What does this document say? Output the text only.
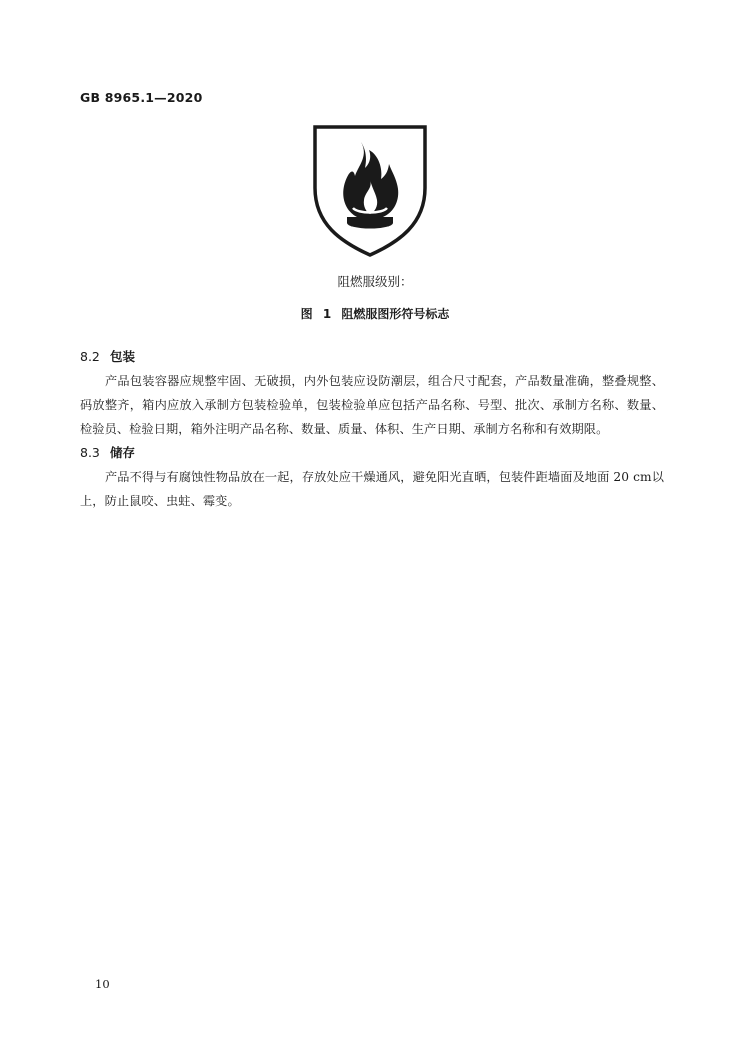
GB 8965.1—2020
阻燃服级别：
图 1 阻燃服图形符号标志
8.2 包装
产品包装容器应规整牢固、无破损，内外包装应设防潮层，组合尺寸配套，产品数量准确，整叠规整、码放整齐，箱内应放入承制方包装检验单，包装检验单应包括产品名称、号型、批次、承制方名称、数量、检验员、检验日期，箱外注明产品名称、数量、质量、体积、生产日期、承制方名称和有效期限。
8.3 储存
产品不得与有腐蚀性物品放在一起，存放处应干燥通风，避免阳光直晒，包装件距墙面及地面 20 cm以上，防止鼠咬、虫蛀、霉变。
10
